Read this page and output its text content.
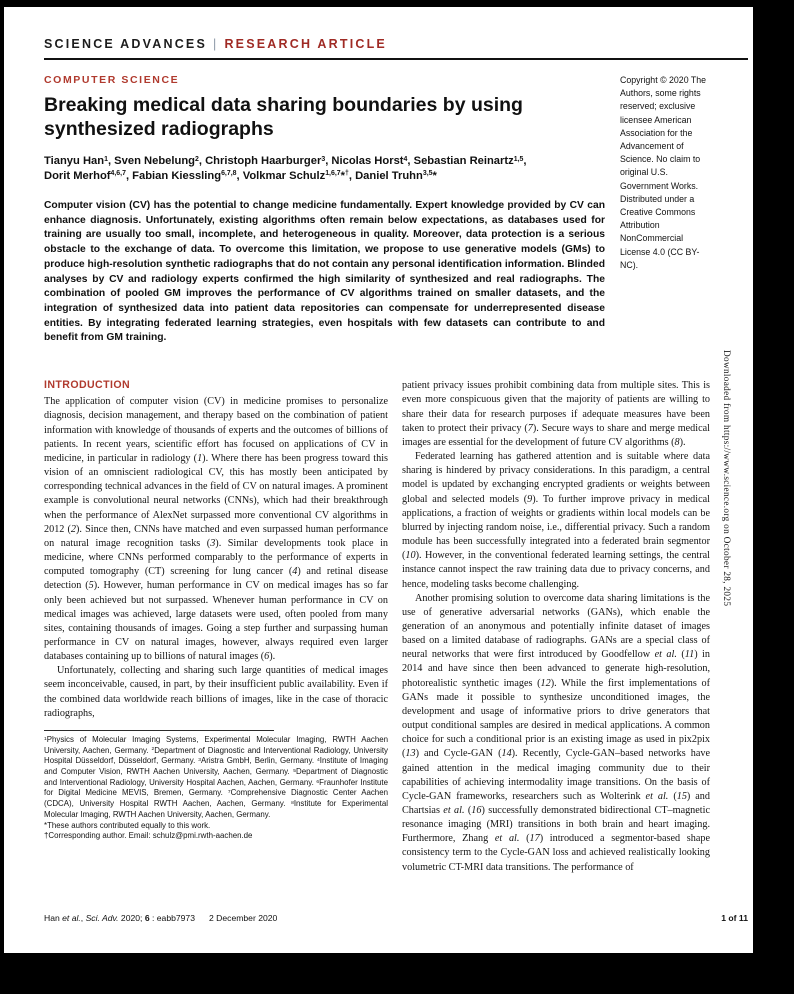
SCIENCE ADVANCES | RESEARCH ARTICLE
COMPUTER SCIENCE
Breaking medical data sharing boundaries by using synthesized radiographs
Tianyu Han$^1$, Sven Nebelung$^2$, Christoph Haarburger$^3$, Nicolas Horst$^4$, Sebastian Reinartz$^{1,5}$,
Dorit Merhof$^{4,6,7}$, Fabian Kiessling$^{6,7,8}$, Volkmar Schulz$^{1,6,7}$*†, Daniel Truhn$^{3,5}$*

Computer vision (CV) has the potential to change medicine fundamentally. Expert knowledge provided by CV can enhance diagnosis. Unfortunately, existing algorithms often remain below expectations, as databases used for training are usually too small, incomplete, and heterogeneous in quality. Moreover, data protection is a serious obstacle to the exchange of data. To overcome this limitation, we propose to use generative models (GMs) to produce high-resolution synthetic radiographs that do not contain any personal identification information. Blinded analyses by CV and radiology experts confirmed the high similarity of synthesized and real radiographs. The combination of pooled GM improves the performance of CV algorithms trained on smaller datasets, and the integration of synthesized data into patient data repositories can compensate for underrepresented disease entities. By integrating federated learning strategies, even hospitals with few datasets can contribute to and benefit from GM training.

Copyright © 2020 The Authors, some rights reserved; exclusive licensee American Association for the Advancement of Science. No claim to original U.S. Government Works. Distributed under a Creative Commons Attribution NonCommercial License 4.0 (CC BY-NC).
INTRODUCTION

The application of computer vision (CV) in medicine promises to personalize diagnosis, decision management, and therapy based on the combination of patient information with knowledge of thousands of experts and the outcomes of billions of patients. In recent years, scientific effort has focused on applications of CV in medicine, in particular in radiology (1). Where there has been progress toward this vision of an omniscient radiological CV, this has mostly been anticipated by corresponding technical advances in the field of CV on natural images. A prominent example is convolutional neural networks (CNNs), which had their breakthrough when the performance of AlexNet surpassed more conventional CV algorithms in 2012 (2). Since then, CNNs have matched and even surpassed human performance on natural image recognition tasks (3). Similar developments took place in medicine, where CNNs performed comparably to the performance of experts in computed tomography (CT) screening for lung cancer (4) and retinal disease detection (5). However, human performance in CV on medical images has so far only been achieved but not surpassed. Whenever human performance in CV on medical images was achieved, large datasets were used, often pooled from many sites, containing thousands of images. Going a step further and surpassing human performance in CV on natural images, however, always required even larger databases containing up to billions of natural images (6).

Unfortunately, collecting and sharing such large quantities of medical images seem inconceivable, caused, in part, by their insufficient public availability. Even if the combined data worldwide reach billions of images, like in the case of thoracic radiographs,

$^1$Physics of Molecular Imaging Systems, Experimental Molecular Imaging, RWTH Aachen University, Aachen, Germany. $^2$Department of Diagnostic and Interventional Radiology, University Hospital Düsseldorf, Düsseldorf, Germany. $^3$Aristra GmbH, Berlin, Germany. $^4$Institute of Imaging and Computer Vision, RWTH Aachen University, Aachen, Germany. $^5$Department of Diagnostic and Interventional Radiology, University Hospital Aachen, Aachen, Germany. $^6$Fraunhofer Institute for Digital Medicine MEVIS, Bremen, Germany. $^7$Comprehensive Diagnostic Center Aachen (CDCA), University Hospital RWTH Aachen, Aachen, Germany. $^8$Institute for Experimental Molecular Imaging, RWTH Aachen University, Aachen, Germany.
*These authors contributed equally to this work.
†Corresponding author. Email: schulz@pmi.rwth-aachen.de

patient privacy issues prohibit combining data from multiple sites. This is even more conspicuous given that the majority of patients are willing to share their data for research purposes if adequate measures have been taken to protect their privacy (7). Secure ways to share and merge medical images are essential for the development of future CV algorithms (8).

Federated learning has gathered attention and is suitable where data sharing is hindered by privacy considerations. In this paradigm, a central model is updated by exchanging encrypted gradients or weights between global and selected models (9). To further improve privacy in medical applications, a fraction of weights or gradients within local models can be blurred by injecting random noise, i.e., differential privacy. Such a random module has been successfully integrated into a federated brain segmentor (10). However, in the conventional federated learning settings, the central instance cannot inspect the raw training data due to privacy concerns, and hence, modeling tasks become challenging.

Another promising solution to overcome data sharing limitations is the use of generative adversarial networks (GANs), which enable the generation of an anonymous and potentially infinite dataset of images based on a limited database of radiographs. GANs are a special class of neural networks that were first introduced by Goodfellow et al. (11) in 2014 and have since then been advanced to generate high-resolution, photorealistic synthetic images (12). While the first implementations of GANs made it possible to synthesize unconditioned images, the development and usage of informative priors to drive generators that output conditional samples are desired in medical applications. A common choice for such a conditional prior is an existing image as used in pix2pix (13) and Cycle-GAN (14). Recently, Cycle-GAN–based networks have gained attention in the medical imaging community due to their capabilities of achieving intermodality image transitions. On the basis of Cycle-GAN frameworks, researchers such as Wolterink et al. (15) and Chartsias et al. (16) successfully demonstrated bidirectional CT–magnetic resonance imaging (MRI) transitions in both brain and heart imaging. Furthermore, Zhang et al. (17) introduced a segmentor-based shape consistency term to the Cycle-GAN loss and achieved realistically looking volumetric CT-MRI data transitions. The performance of

Han et al., Sci. Adv. 2020; 6 : eabb7973 2 December 2020	1 of 11
Downloaded from https://www.science.org on October 28, 2025
